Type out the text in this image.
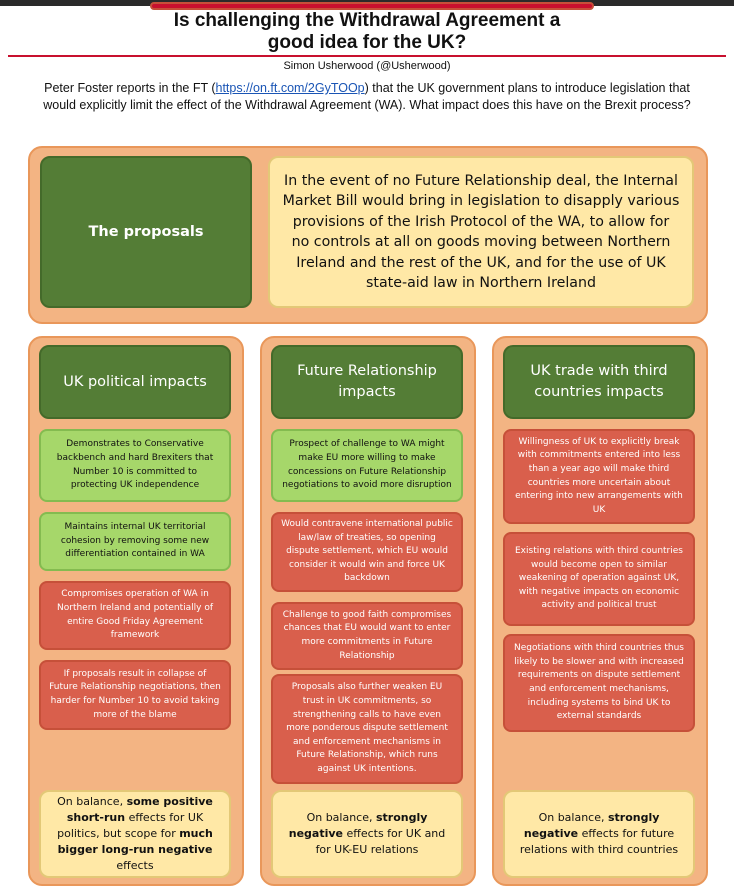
Is challenging the Withdrawal Agreement a
good idea for the UK?
Simon Usherwood (@Usherwood)
Peter Foster reports in the FT (https://on.ft.com/2GyTOOp) that the UK government plans to introduce legislation that
would explicitly limit the effect of the Withdrawal Agreement (WA). What impact does this have on the Brexit process?
The proposals
In the event of no Future Relationship deal, the Internal Market Bill would bring in legislation to disapply various provisions of the Irish Protocol of the WA, to allow for no controls at all on goods moving between Northern Ireland and the rest of the UK, and for the use of UK state-aid law in Northern Ireland
UK political impacts
Demonstrates to Conservative backbench and hard Brexiters that Number 10 is committed to protecting UK independence
Maintains internal UK territorial cohesion by removing some new differentiation contained in WA
Compromises operation of WA in Northern Ireland and potentially of entire Good Friday Agreement framework
If proposals result in collapse of Future Relationship negotiations, then harder for Number 10 to avoid taking more of the blame
On balance, some positive short-run effects for UK politics, but scope for much bigger long-run negative effects
Future Relationship impacts
Prospect of challenge to WA might make EU more willing to make concessions on Future Relationship negotiations to avoid more disruption
Would contravene international public law/law of treaties, so opening dispute settlement, which EU would consider it would win and force UK backdown
Challenge to good faith compromises chances that EU would want to enter more commitments in Future Relationship
Proposals also further weaken EU trust in UK commitments, so strengthening calls to have even more ponderous dispute settlement and enforcement mechanisms in Future Relationship, which runs against UK intentions.
On balance, strongly negative effects for UK and for UK-EU relations
UK trade with third countries impacts
Willingness of UK to explicitly break with commitments entered into less than a year ago will make third countries more uncertain about entering into new arrangements with UK
Existing relations with third countries would become open to similar weakening of operation against UK, with negative impacts on economic activity and political trust
Negotiations with third countries thus likely to be slower and with increased requirements on dispute settlement and enforcement mechanisms, including systems to bind UK to external standards
On balance, strongly negative effects for future relations with third countries
